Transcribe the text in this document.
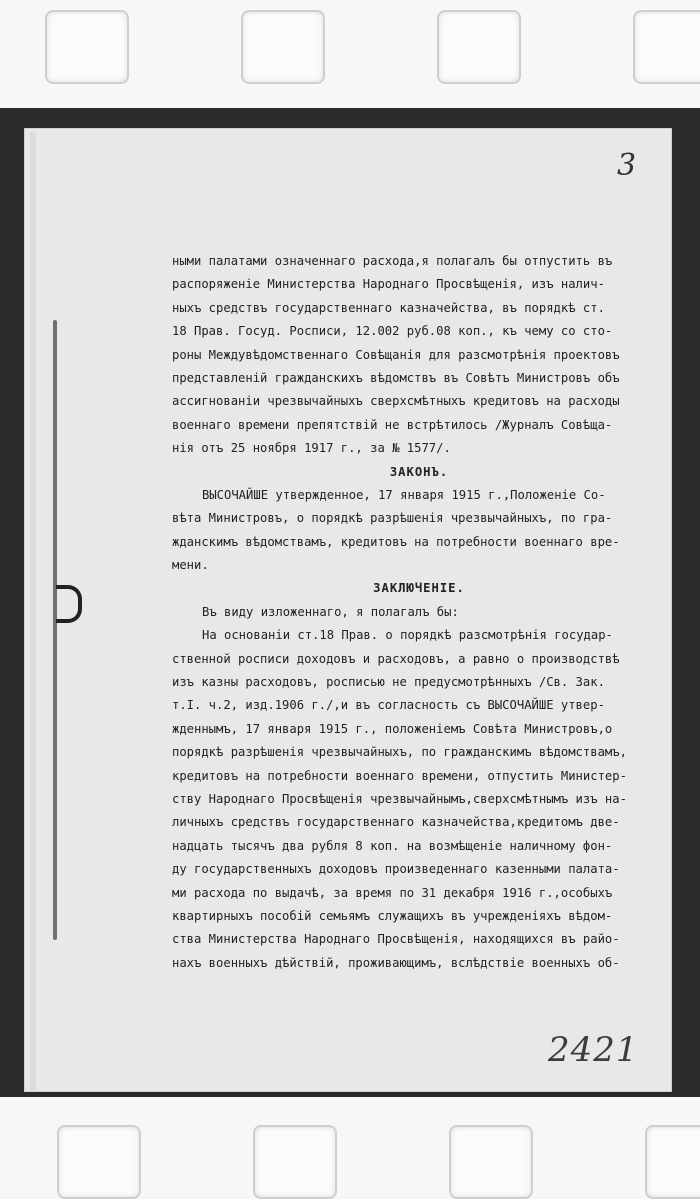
3
ными палатами означеннаго расхода,я полагалъ бы отпустить въ
распоряженіе Министерства Народнаго Просвѣщенія, изъ налич-
ныхъ средствъ государственнаго казначейства, въ порядкѣ ст.
18 Прав. Госуд. Росписи, 12.002 руб.08 коп., къ чему со сто-
роны Междувѣдомственнаго Совѣщанія для разсмотрѣнія проектовъ
представленій гражданскихъ вѣдомствъ въ Совѣтъ Министровъ объ
ассигнованіи чрезвычайныхъ сверхсмѣтныхъ кредитовъ на расходы
военнаго времени препятствій не встрѣтилось /Журналъ Совѣща-
нія отъ 25 ноября 1917 г., за № 1577/.
ЗАКОНЪ.
ВЫСОЧАЙШЕ утвержденное, 17 января 1915 г.,Положеніе Со-
вѣта Министровъ, о порядкѣ разрѣшенія чрезвычайныхъ, по гра-
жданскимъ вѣдомствамъ, кредитовъ на потребности военнаго вре-
мени.
ЗАКЛЮЧЕНІЕ.
Въ виду изложеннаго, я полагалъ бы:
На основаніи ст.18 Прав. о порядкѣ разсмотрѣнія государ-
ственной росписи доходовъ и расходовъ, а равно о производствѣ
изъ казны расходовъ, росписью не предусмотрѣнныхъ /Св. Зак.
т.I. ч.2, изд.1906 г./,и въ согласность съ ВЫСОЧАЙШЕ утвер-
жденнымъ, 17 января 1915 г., положеніемъ Совѣта Министровъ,о
порядкѣ разрѣшенія чрезвычайныхъ, по гражданскимъ вѣдомствамъ,
кредитовъ на потребности военнаго времени, отпустить Министер-
ству Народнаго Просвѣщенія чрезвычайнымъ,сверхсмѣтнымъ изъ на-
личныхъ средствъ государственнаго казначейства,кредитомъ две-
надцать тысячъ два рубля 8 коп. на возмѣщеніе наличному фон-
ду государственныхъ доходовъ произведеннаго казенными палата-
ми расхода по выдачѣ, за время по 31 декабря 1916 г.,особыхъ
квартирныхъ пособій семьямъ служащихъ въ учрежденіяхъ вѣдом-
ства Министерства Народнаго Просвѣщенія, находящихся въ райо-
нахъ военныхъ дѣйствій, проживающимъ, вслѣдствіе военныхъ об-
2421
